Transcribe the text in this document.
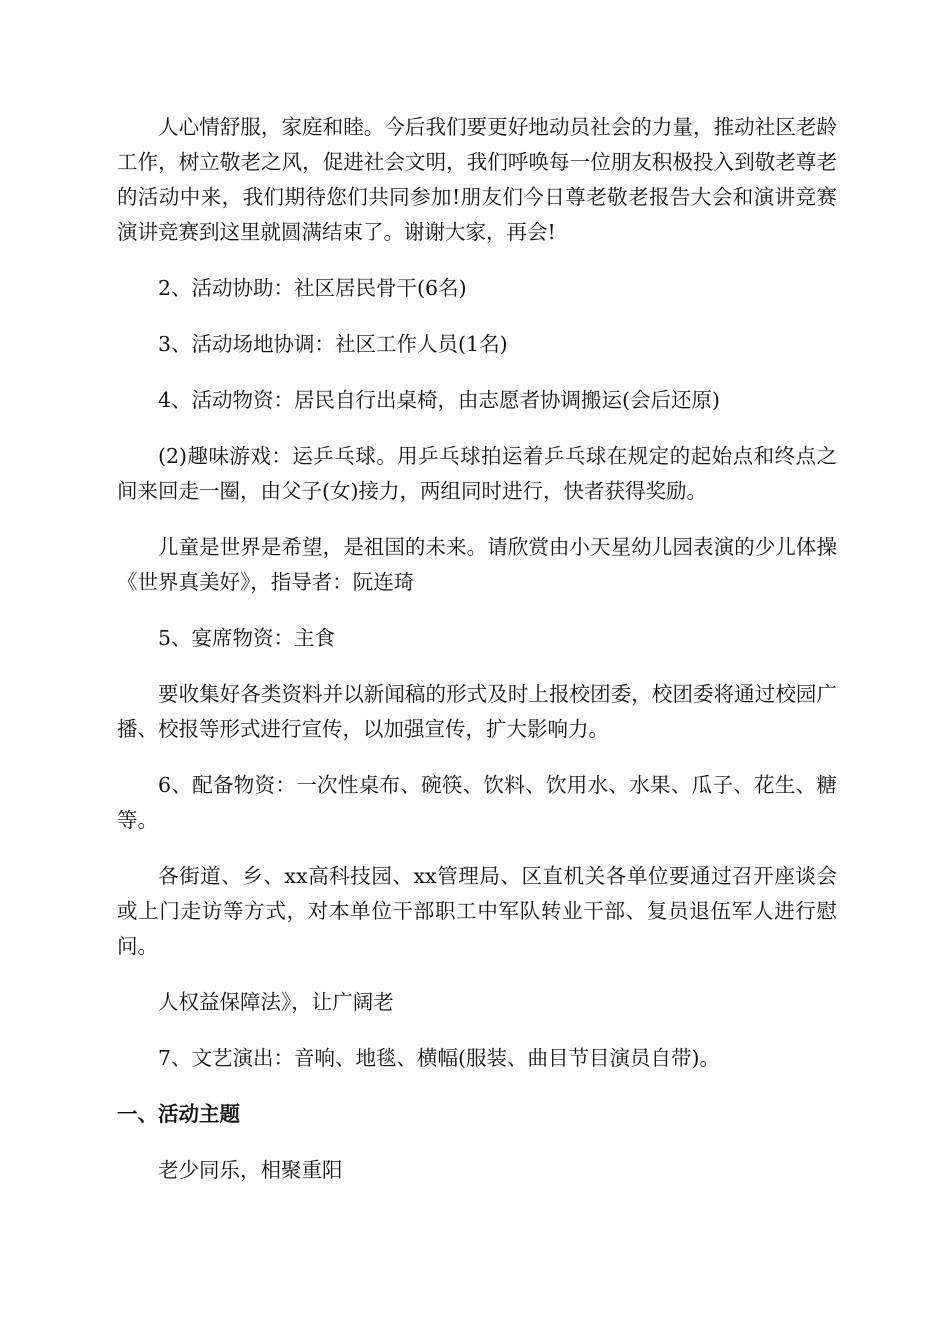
人心情舒服，家庭和睦。今后我们要更好地动员社会的力量，推动社区老龄工作，树立敬老之风，促进社会文明，我们呼唤每一位朋友积极投入到敬老尊老的活动中来，我们期待您们共同参加!朋友们今日尊老敬老报告大会和演讲竞赛演讲竞赛到这里就圆满结束了。谢谢大家，再会!

2、活动协助：社区居民骨干(6名)

3、活动场地协调：社区工作人员(1名)

4、活动物资：居民自行出桌椅，由志愿者协调搬运(会后还原)

(2)趣味游戏：运乒乓球。用乒乓球拍运着乒乓球在规定的起始点和终点之间来回走一圈，由父子(女)接力，两组同时进行，快者获得奖励。

儿童是世界是希望，是祖国的未来。请欣赏由小天星幼儿园表演的少儿体操《世界真美好》，指导者：阮连琦

5、宴席物资：主食

要收集好各类资料并以新闻稿的形式及时上报校团委，校团委将通过校园广播、校报等形式进行宣传，以加强宣传，扩大影响力。

6、配备物资：一次性桌布、碗筷、饮料、饮用水、水果、瓜子、花生、糖等。

各街道、乡、xx高科技园、xx管理局、区直机关各单位要通过召开座谈会或上门走访等方式，对本单位干部职工中军队转业干部、复员退伍军人进行慰问。

人权益保障法》，让广阔老

7、文艺演出：音响、地毯、横幅(服装、曲目节目演员自带)。

一、活动主题

老少同乐，相聚重阳
